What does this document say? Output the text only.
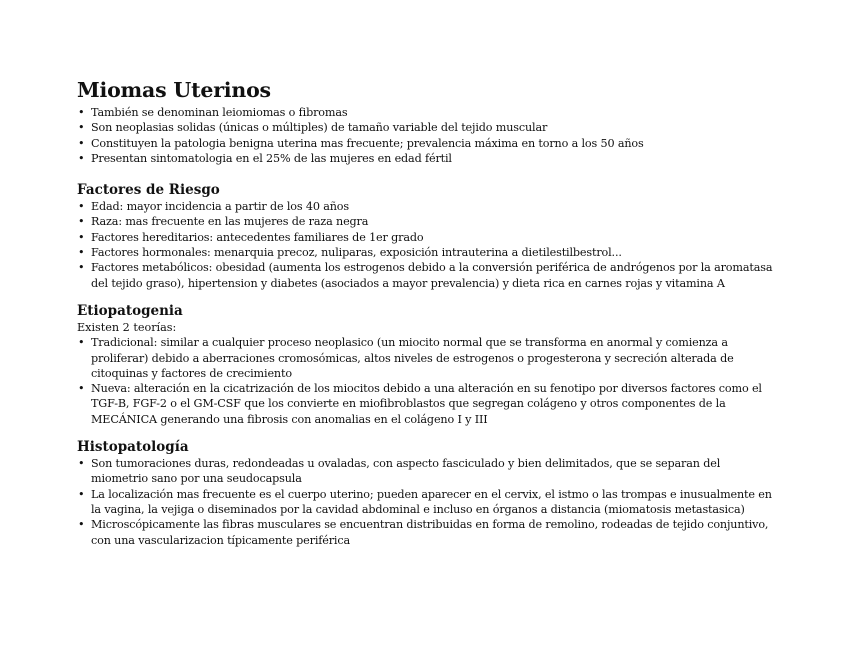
Miomas Uterinos
• También se denominan leiomiomas o fibromas
• Son neoplasias solidas (únicas o múltiples) de tamaño variable del tejido muscular
• Constituyen la patologia benigna uterina mas frecuente; prevalencia máxima en torno a los 50 años
• Presentan sintomatologia en el 25% de las mujeres en edad fértil
Factores de Riesgo
• Edad: mayor incidencia a partir de los 40 años
• Raza: mas frecuente en las mujeres de raza negra
• Factores hereditarios: antecedentes familiares de 1er grado
• Factores hormonales: menarquia precoz, nuliparas, exposición intrauterina a dietilestilbestrol...
• Factores metabólicos: obesidad (aumenta los estrogenos debido a la conversión periférica de andrógenos por la aromatasa del tejido graso), hipertension y diabetes (asociados a mayor prevalencia) y dieta rica en carnes rojas y vitamina A
Etiopatogenia

Existen 2 teorías:

• Tradicional: similar a cualquier proceso neoplasico (un miocito normal que se transforma en anormal y comienza a proliferar) debido a aberraciones cromosómicas, altos niveles de estrogenos o progesterona y secreción alterada de citoquinas y factores de crecimiento
• Nueva: alteración en la cicatrización de los miocitos debido a una alteración en su fenotipo por diversos factores como el TGF-B, FGF-2 o el GM-CSF que los convierte en miofibroblastos que segregan colágeno y otros componentes de la MECÁNICA generando una fibrosis con anomalias en el colágeno I y III
Histopatología
• Son tumoraciones duras, redondeadas u ovaladas, con aspecto fasciculado y bien delimitados, que se separan del miometrio sano por una seudocapsula
• La localización mas frecuente es el cuerpo uterino; pueden aparecer en el cervix, el istmo o las trompas e inusualmente en la vagina, la vejiga o diseminados por la cavidad abdominal e incluso en órganos a distancia (miomatosis metastasica)
• Microscópicamente las fibras musculares se encuentran distribuidas en forma de remolino, rodeadas de tejido conjuntivo, con una vascularizacion típicamente periférica
